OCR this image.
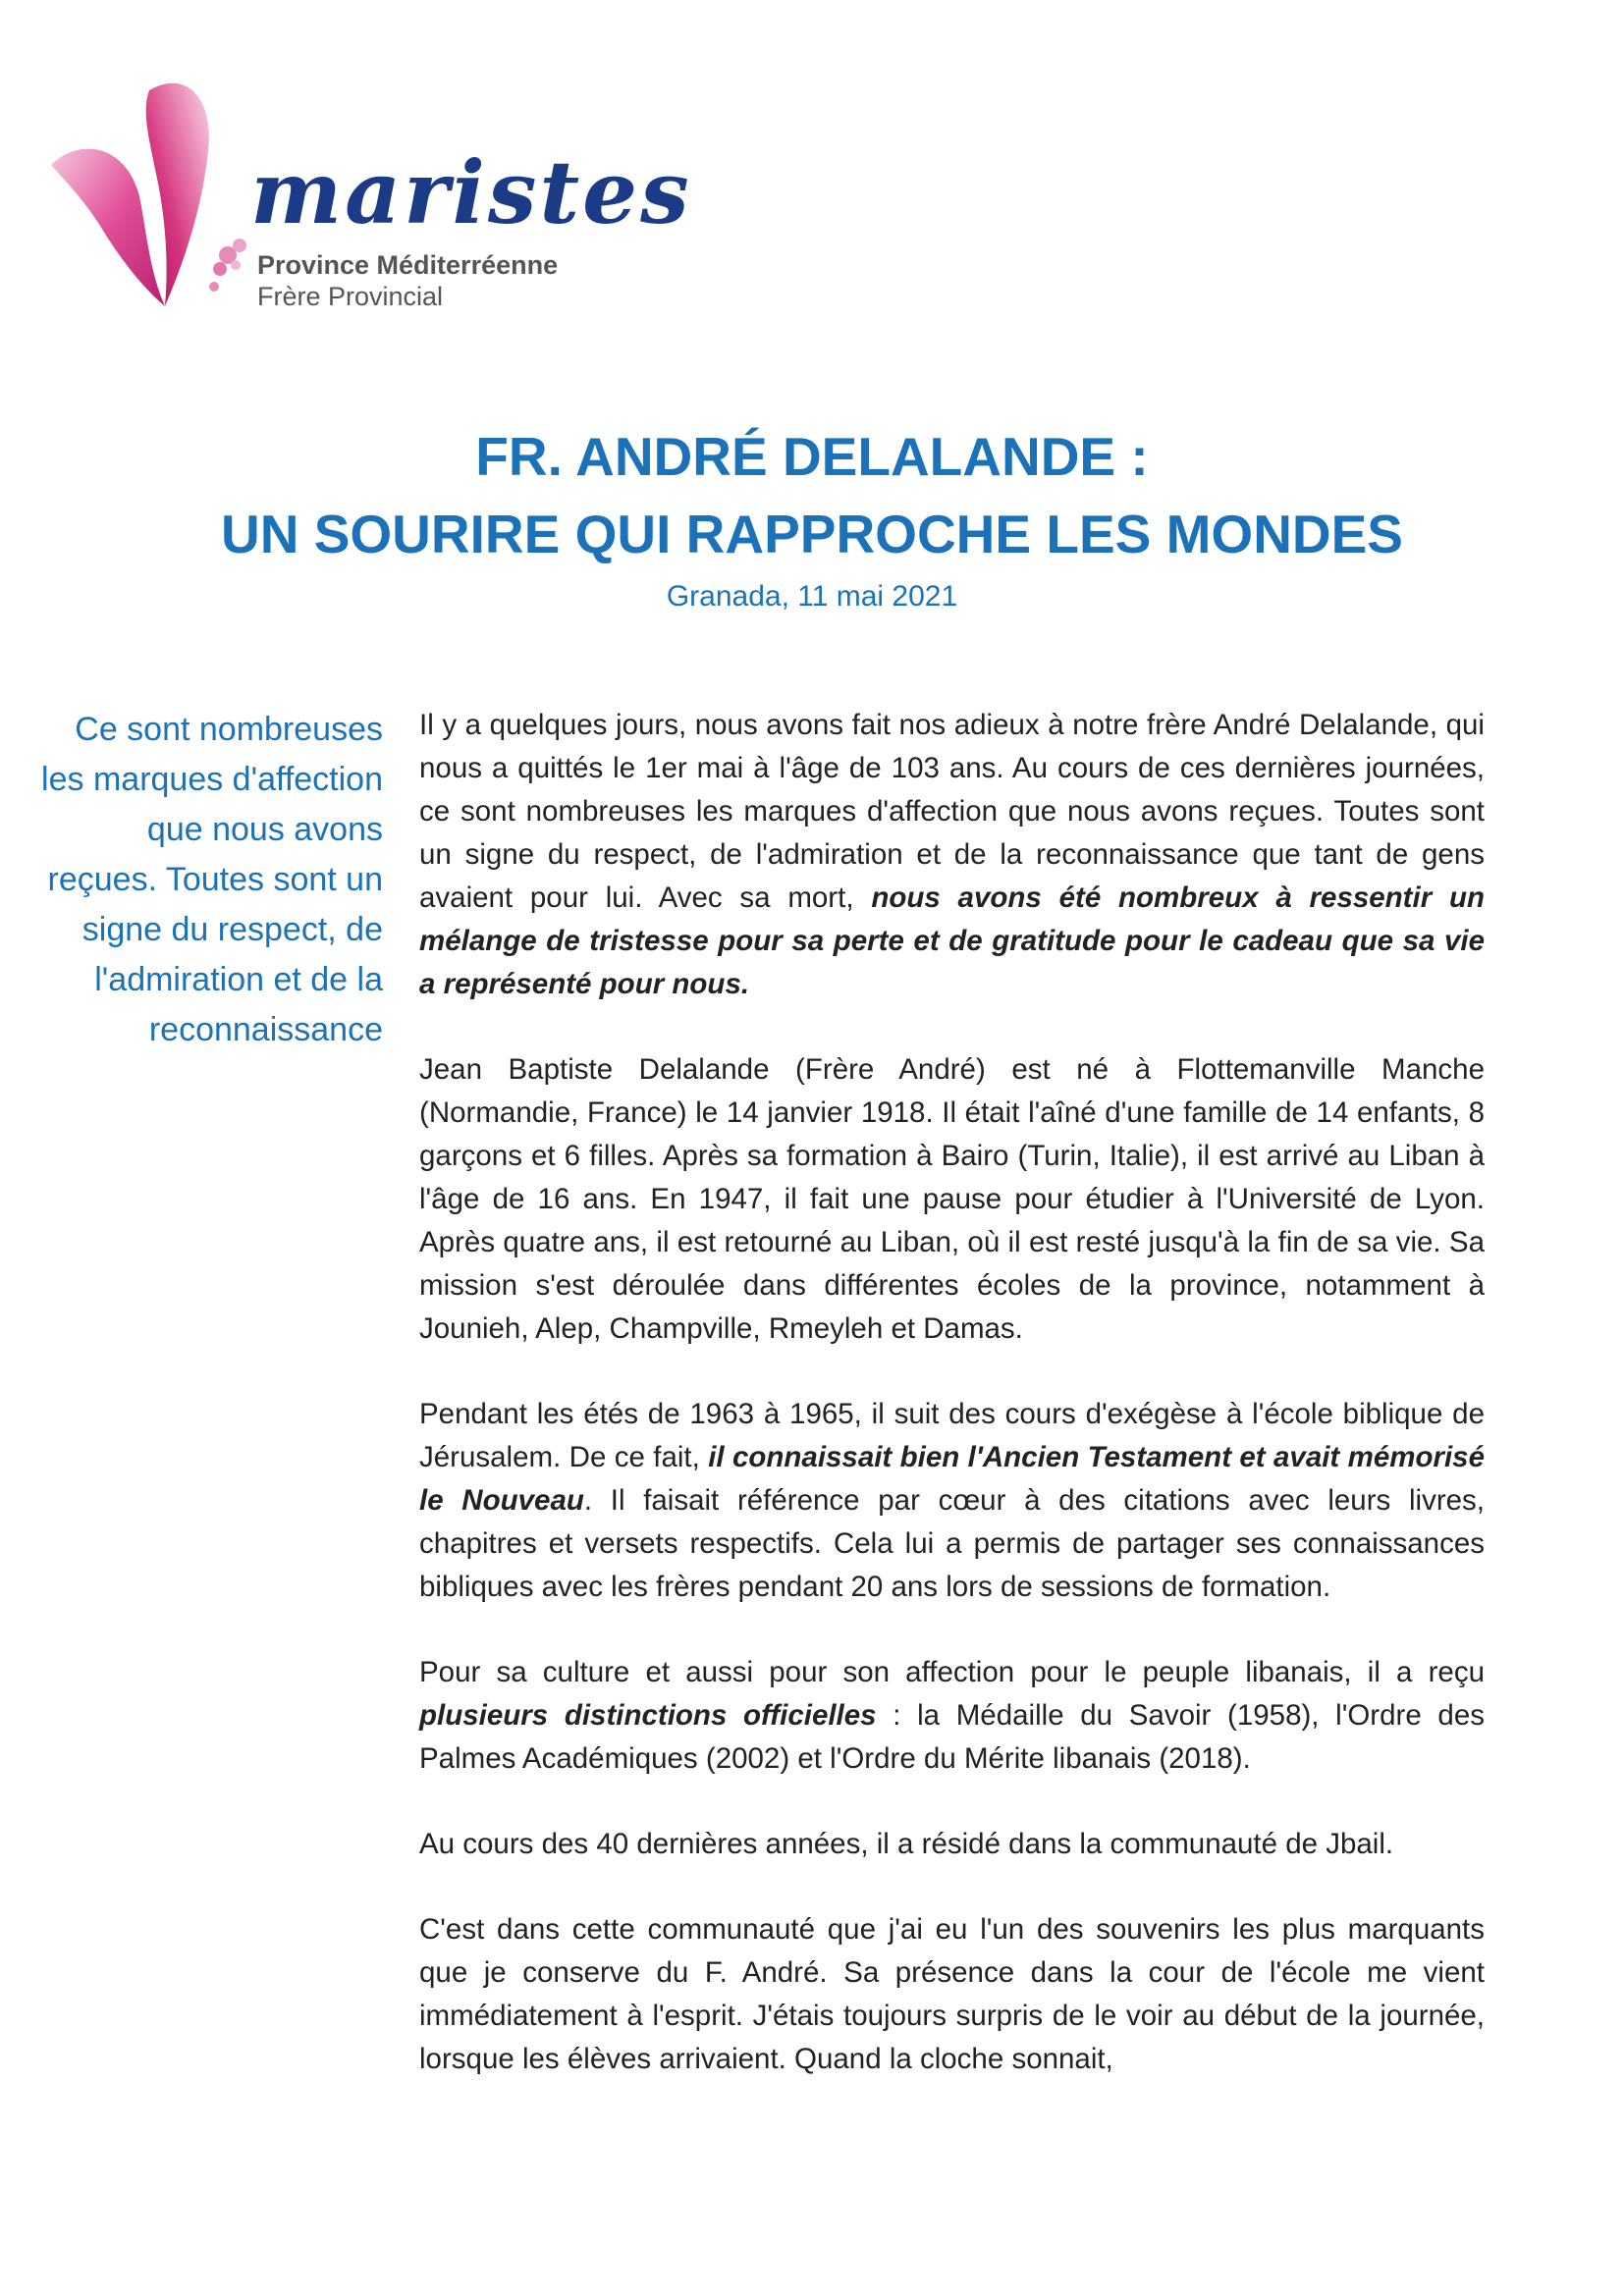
maristes
Province Méditerréenne
Frère Provincial
FR. ANDRÉ DELALANDE :
UN SOURIRE QUI RAPPROCHE LES MONDES
Granada, 11 mai 2021
Ce sont nombreuses les marques d'affection que nous avons reçues. Toutes sont un signe du respect, de l'admiration et de la reconnaissance

Il y a quelques jours, nous avons fait nos adieux à notre frère André Delalande, qui nous a quittés le 1er mai à l'âge de 103 ans. Au cours de ces dernières journées, ce sont nombreuses les marques d'affection que nous avons reçues. Toutes sont un signe du respect, de l'admiration et de la reconnaissance que tant de gens avaient pour lui. Avec sa mort, nous avons été nombreux à ressentir un mélange de tristesse pour sa perte et de gratitude pour le cadeau que sa vie a représenté pour nous.

Jean Baptiste Delalande (Frère André) est né à Flottemanville Manche (Normandie, France) le 14 janvier 1918. Il était l'aîné d'une famille de 14 enfants, 8 garçons et 6 filles. Après sa formation à Bairo (Turin, Italie), il est arrivé au Liban à l'âge de 16 ans. En 1947, il fait une pause pour étudier à l'Université de Lyon. Après quatre ans, il est retourné au Liban, où il est resté jusqu'à la fin de sa vie. Sa mission s'est déroulée dans différentes écoles de la province, notamment à Jounieh, Alep, Champville, Rmeyleh et Damas.

Pendant les étés de 1963 à 1965, il suit des cours d'exégèse à l'école biblique de Jérusalem. De ce fait, il connaissait bien l'Ancien Testament et avait mémorisé le Nouveau. Il faisait référence par cœur à des citations avec leurs livres, chapitres et versets respectifs. Cela lui a permis de partager ses connaissances bibliques avec les frères pendant 20 ans lors de sessions de formation.

Pour sa culture et aussi pour son affection pour le peuple libanais, il a reçu plusieurs distinctions officielles : la Médaille du Savoir (1958), l'Ordre des Palmes Académiques (2002) et l'Ordre du Mérite libanais (2018).

Au cours des 40 dernières années, il a résidé dans la communauté de Jbail.

C'est dans cette communauté que j'ai eu l'un des souvenirs les plus marquants que je conserve du F. André. Sa présence dans la cour de l'école me vient immédiatement à l'esprit. J'étais toujours surpris de le voir au début de la journée, lorsque les élèves arrivaient. Quand la cloche sonnait,
